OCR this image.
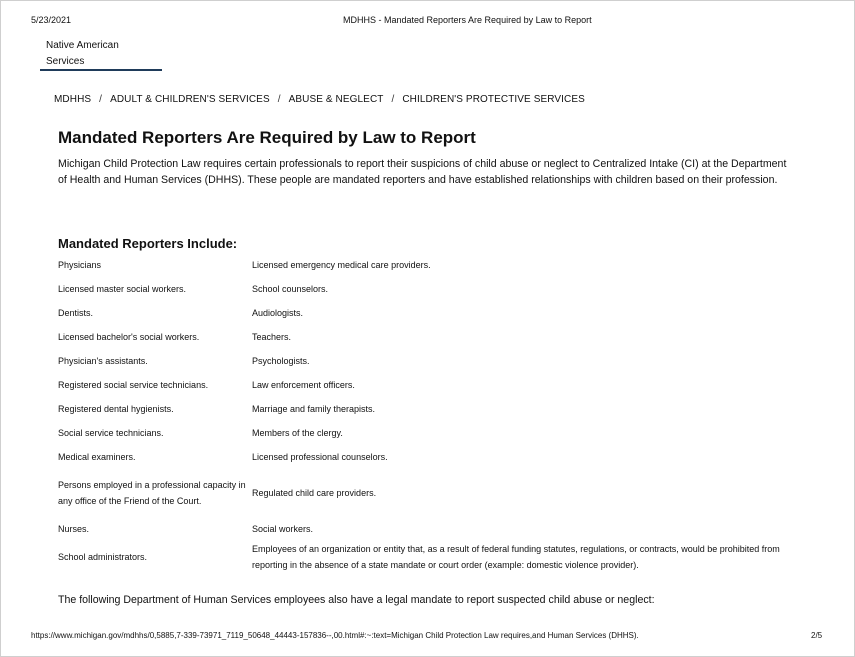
5/23/2021	MDHHS - Mandated Reporters Are Required by Law to Report
Native American Services
MDHHS / ADULT & CHILDREN'S SERVICES / ABUSE & NEGLECT / CHILDREN'S PROTECTIVE SERVICES
Mandated Reporters Are Required by Law to Report

Michigan Child Protection Law requires certain professionals to report their suspicions of child abuse or neglect to Centralized Intake (CI) at the Department of Health and Human Services (DHHS). These people are mandated reporters and have established relationships with children based on their profession.

Mandated Reporters Include:
Physicians	Licensed emergency medical care providers.

Licensed master social workers.	School counselors.

Dentists.	Audiologists.

Licensed bachelor's social workers.	Teachers.

Physician's assistants.	Psychologists.

Registered social service technicians.	Law enforcement officers.

Registered dental hygienists.	Marriage and family therapists.

Social service technicians.	Members of the clergy.

Medical examiners.	Licensed professional counselors.

Persons employed in a professional capacity in any office of the Friend of the Court.	Regulated child care providers.

Nurses.	Social workers.

School administrators.	Employees of an organization or entity that, as a result of federal funding statutes, regulations, or contracts, would be prohibited from reporting in the absence of a state mandate or court order (example: domestic violence provider).
The following Department of Human Services employees also have a legal mandate to report suspected child abuse or neglect:
https://www.michigan.gov/mdhhs/0,5885,7-339-73971_7119_50648_44443-157836--,00.html#:~:text=Michigan Child Protection Law requires,and Human Services (DHHS).	2/5
